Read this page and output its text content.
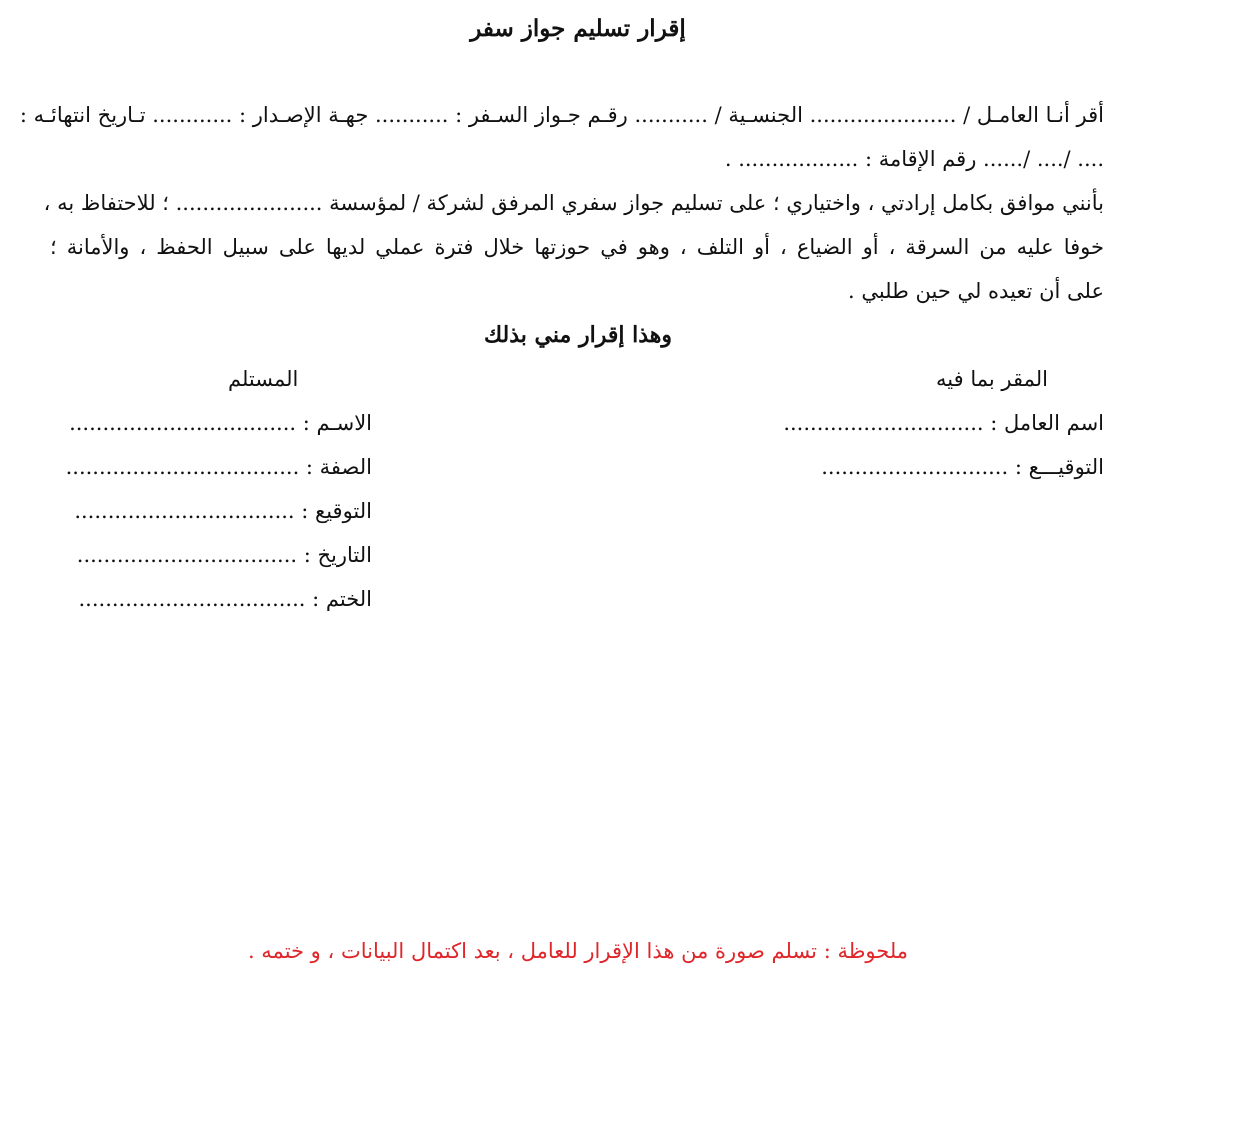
إقرار تسليم جواز سفر
أقر أنـا العامـل / ...................... الجنسـية / ........... رقـم جـواز السـفر : ........... جهـة الإصـدار : ............ تـاريخ انتهائـه :
.... /.... /...... رقم الإقامة : .................. .
بأنني موافق بكامل إرادتي ، واختياري ؛ على تسليم جواز سفري المرفق لشركة / لمؤسسة ...................... ؛ للاحتفاظ به ،
خوفا عليه من السرقة ، أو الضياع ، أو التلف ، وهو في حوزتها خلال فترة عملي لديها على سبيل الحفظ ، والأمانة ؛
على أن تعيده لي حين طلبي .
وهذا إقرار مني بذلك
المقر بما فيه
المستلم
اسم العامل : ..............................
التوقيـــع : ............................
الاسـم : ..................................
الصفة : ...................................
التوقيع : .................................
التاريخ : .................................
الختم : ..................................
ملحوظة : تسلم صورة من هذا الإقرار للعامل ، بعد اكتمال البيانات ، و ختمه .
